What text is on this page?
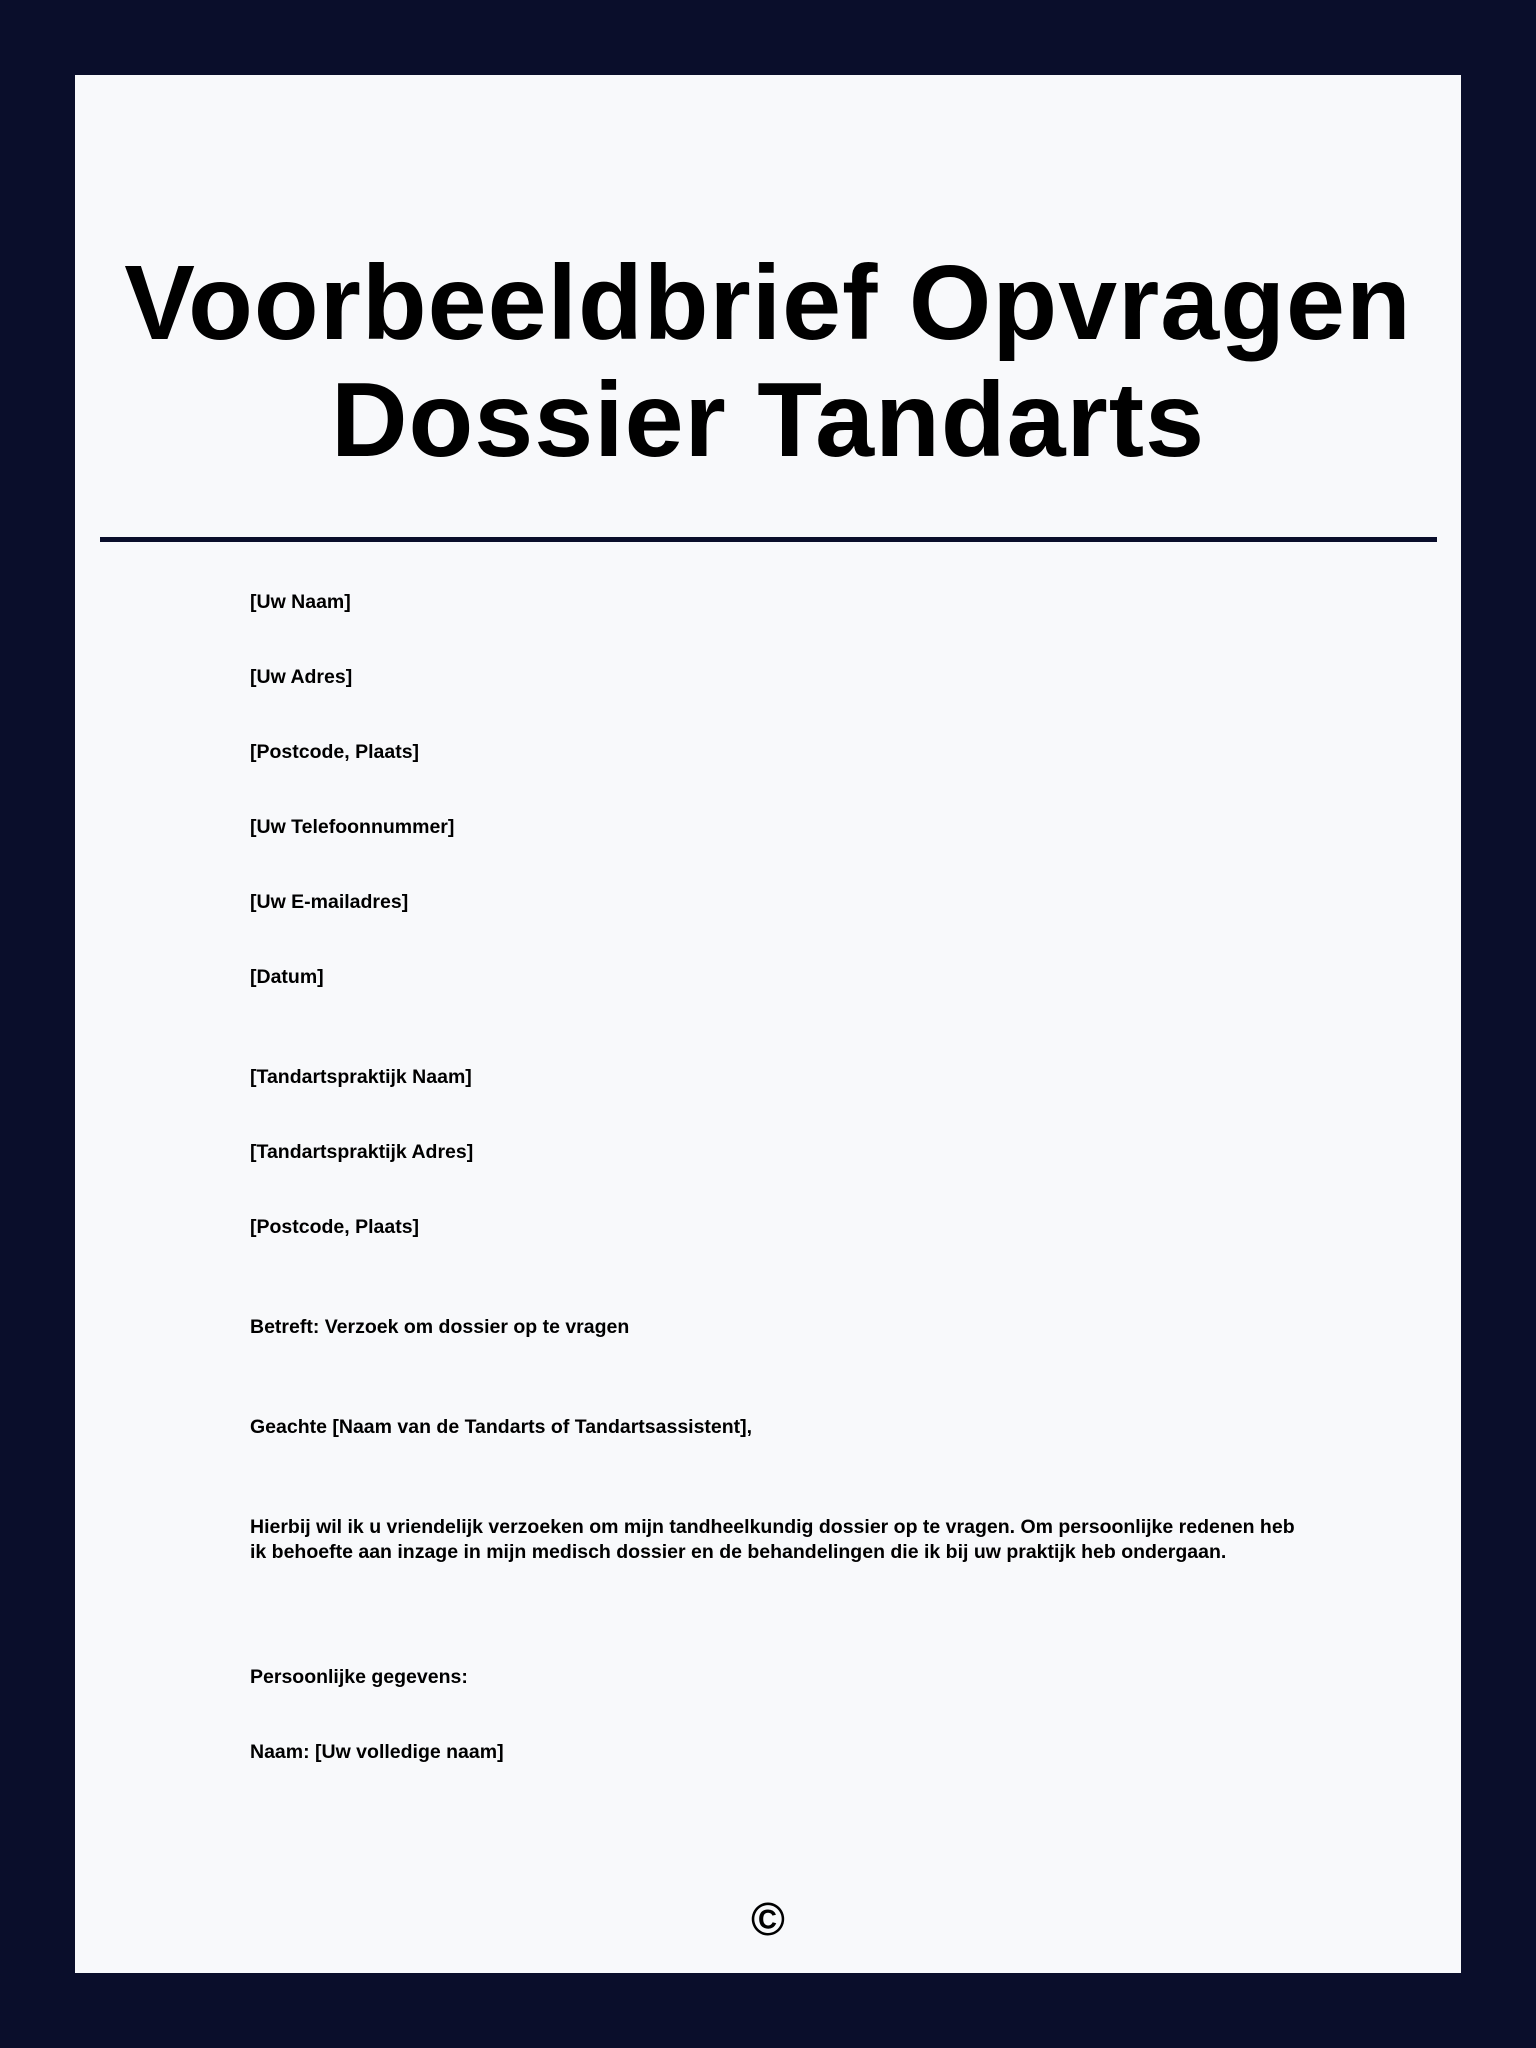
Voorbeeldbrief Opvragen Dossier Tandarts
[Uw Naam]
[Uw Adres]
[Postcode, Plaats]
[Uw Telefoonnummer]
[Uw E-mailadres]
[Datum]
[Tandartspraktijk Naam]
[Tandartspraktijk Adres]
[Postcode, Plaats]
Betreft: Verzoek om dossier op te vragen
Geachte [Naam van de Tandarts of Tandartsassistent],
Hierbij wil ik u vriendelijk verzoeken om mijn tandheelkundig dossier op te vragen. Om persoonlijke redenen heb ik behoefte aan inzage in mijn medisch dossier en de behandelingen die ik bij uw praktijk heb ondergaan.
Persoonlijke gegevens:
Naam: [Uw volledige naam]
©
